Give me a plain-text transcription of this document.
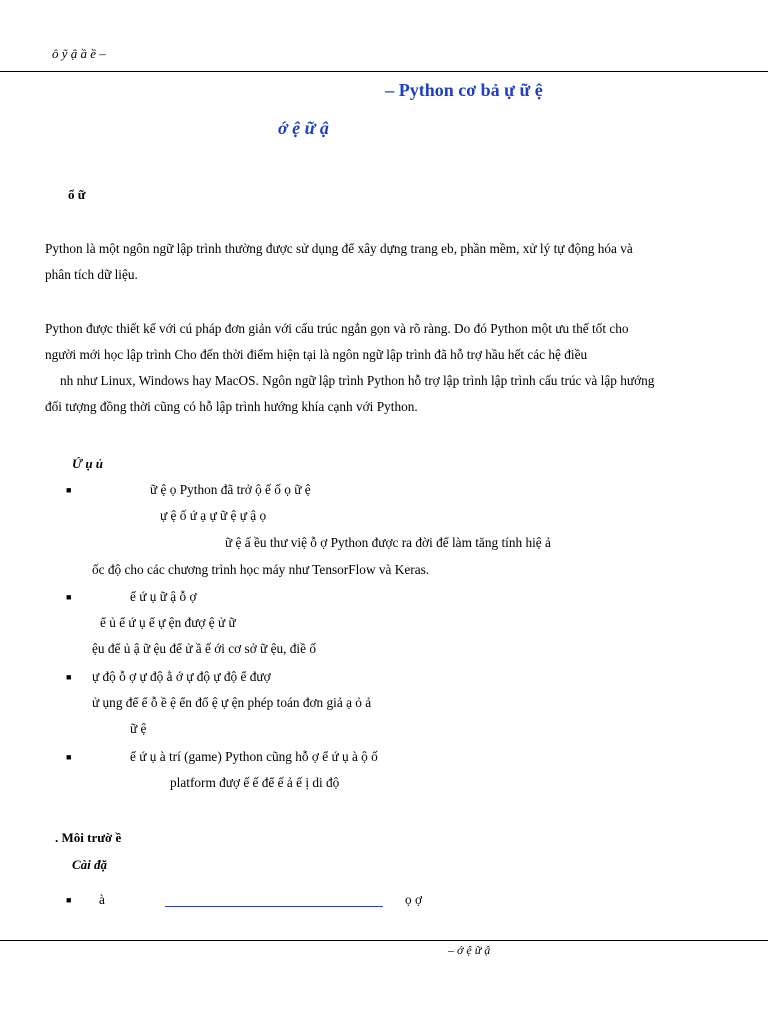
ô ỹ ậ ầ ề –
– Python cơ bả ự ữ ệ
ớ ệ ữ ậ
ổ ữ
Python là một ngôn ngữ lập trình thường được sử dụng để xây dựng trang eb, phần mềm, xử lý tự động hóa và
phân tích dữ liệu.
Python được thiết kế với cú pháp đơn giản với cấu trúc ngắn gọn và rõ ràng. Do đó Python một ưu thế tốt cho
người mới học lập trình Cho đến thời điểm hiện tại là ngôn ngữ lập trình đã hỗ trợ hầu hết các hệ điều
nh như Linux, Windows hay MacOS. Ngôn ngữ lập trình Python hỗ trợ lập trình lập trình cấu trúc và lập hướng
đối tượng đồng thời cũng có hỗ lập trình hướng khía cạnh với Python.
Ứ ụ ủ
■	ữ ệ ọ Python đã trở ộ ế ố ọ ữ ệ
ự ệ ố ứ ạ ự ữ ệ ự ậ ọ
ữ ệ ấ ều thư việ ỗ ợ Python được ra đời để làm tăng tính hiệ ả
ốc độ cho các chương trình học máy như TensorFlow và Keras.
■	ể ứ ụ ữ ậ ỗ ợ
ể ủ ể ứ ụ ể ự ện đượ ệ ử ữ
ệu để ủ ậ ữ ệu để ử ầ ế ới cơ sở ữ ệu, điề ố
■ ự độ ỗ ợ ự độ ằ ớ ự độ ự độ ể đượ
ử ụng để ể ỗ ề ệ ển đổ ệ ự ện phép toán đơn giả ạ ỏ ả
ữ ệ
■	ể ứ ụ à trí (game) Python cũng hỗ ợ ể ứ ụ à ộ ố
platform đượ ế ế để ế ả ế ị di độ
. Môi trườ ề
Cài đặ
■ à	ọ ợ
– ớ ệ ữ ậ
